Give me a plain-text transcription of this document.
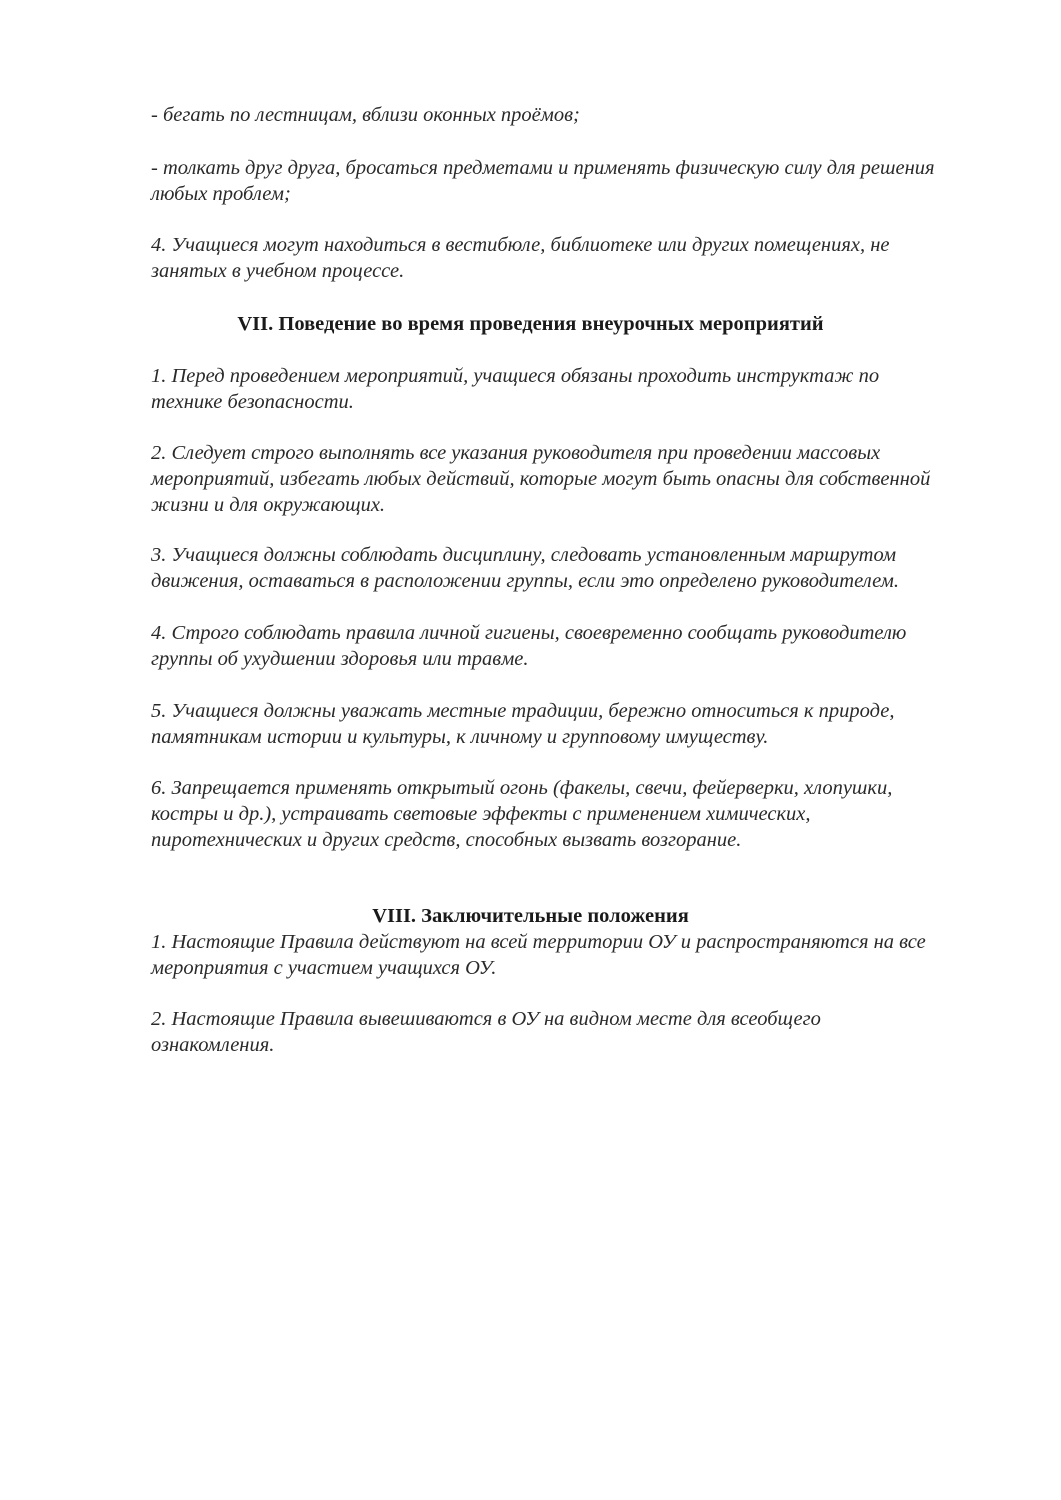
- бегать по лестницам, вблизи оконных проёмов;

- толкать друг друга, бросаться предметами и применять физическую силу для решения
любых проблем;

4. Учащиеся могут находиться в вестибюле, библиотеке или других помещениях, не
занятых в учебном процессе.

VII. Поведение во время проведения внеурочных мероприятий

1. Перед проведением мероприятий, учащиеся обязаны проходить инструктаж по
технике безопасности.

2. Следует строго выполнять все указания руководителя при проведении массовых
мероприятий, избегать любых действий, которые могут быть опасны для собственной
жизни и для окружающих.

3. Учащиеся должны соблюдать дисциплину, следовать установленным маршрутом
движения, оставаться в расположении группы, если это определено руководителем.

4. Строго соблюдать правила личной гигиены, своевременно сообщать руководителю
группы об ухудшении здоровья или травме.

5. Учащиеся должны уважать местные традиции, бережно относиться к природе,
памятникам истории и культуры, к личному и групповому имуществу.

6. Запрещается применять открытый огонь (факелы, свечи, фейерверки, хлопушки,
костры и др.), устраивать световые эффекты с применением химических,
пиротехнических и других средств, способных вызвать возгорание.

VIII. Заключительные положения

1. Настоящие Правила действуют на всей территории ОУ и распространяются на все
мероприятия с участием учащихся ОУ.

2. Настоящие Правила вывешиваются в ОУ на видном месте для всеобщего
ознакомления.
